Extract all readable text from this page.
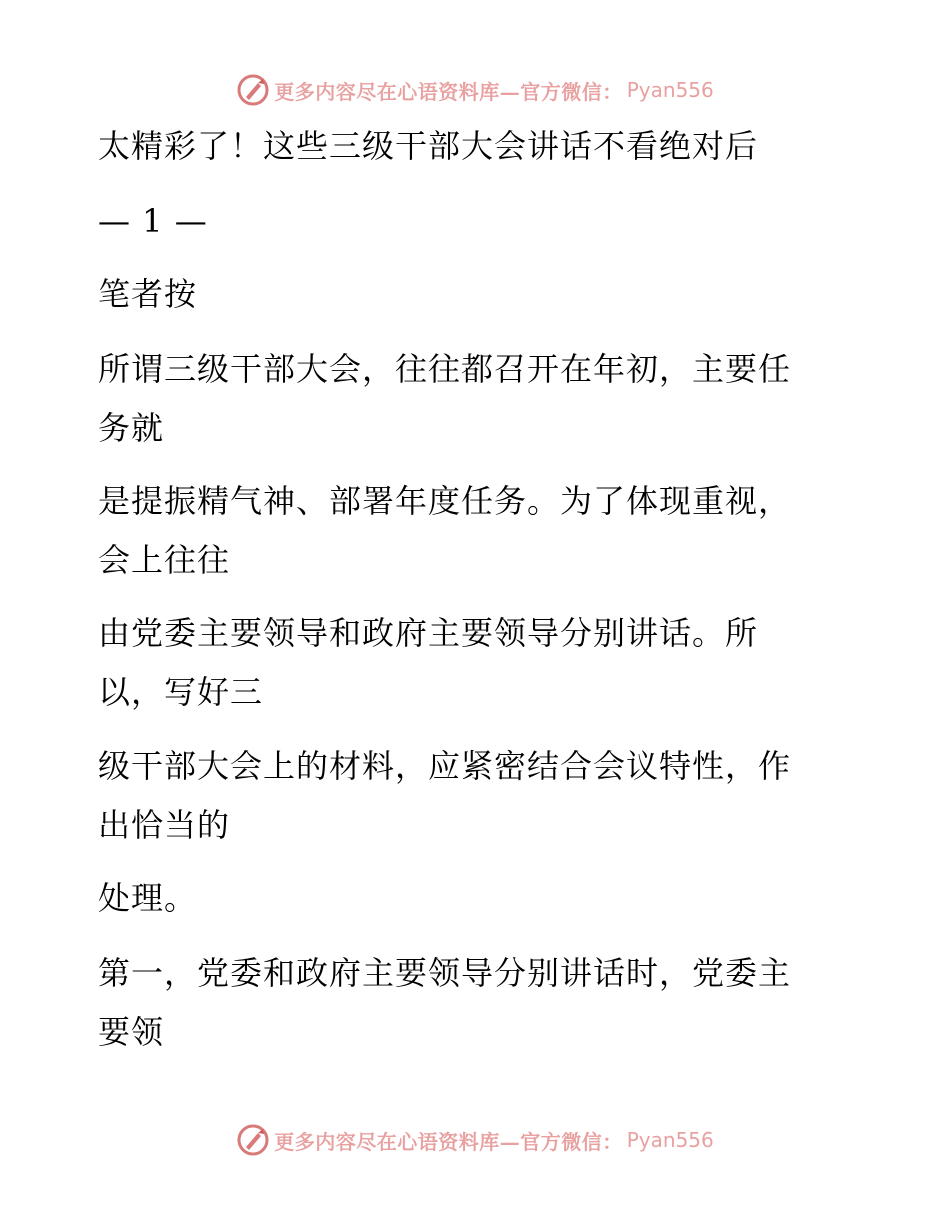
更多内容尽在心语资料库—官方微信： Pyan556
太精彩了！这些三级干部大会讲话不看绝对后
— 1 —
笔者按
所谓三级干部大会，往往都召开在年初，主要任
务就
是提振精气神、部署年度任务。为了体现重视，
会上往往
由党委主要领导和政府主要领导分别讲话。所
以，写好三
级干部大会上的材料，应紧密结合会议特性，作
出恰当的
处理。
第一，党委和政府主要领导分别讲话时，党委主
要领
更多内容尽在心语资料库—官方微信： Pyan556
